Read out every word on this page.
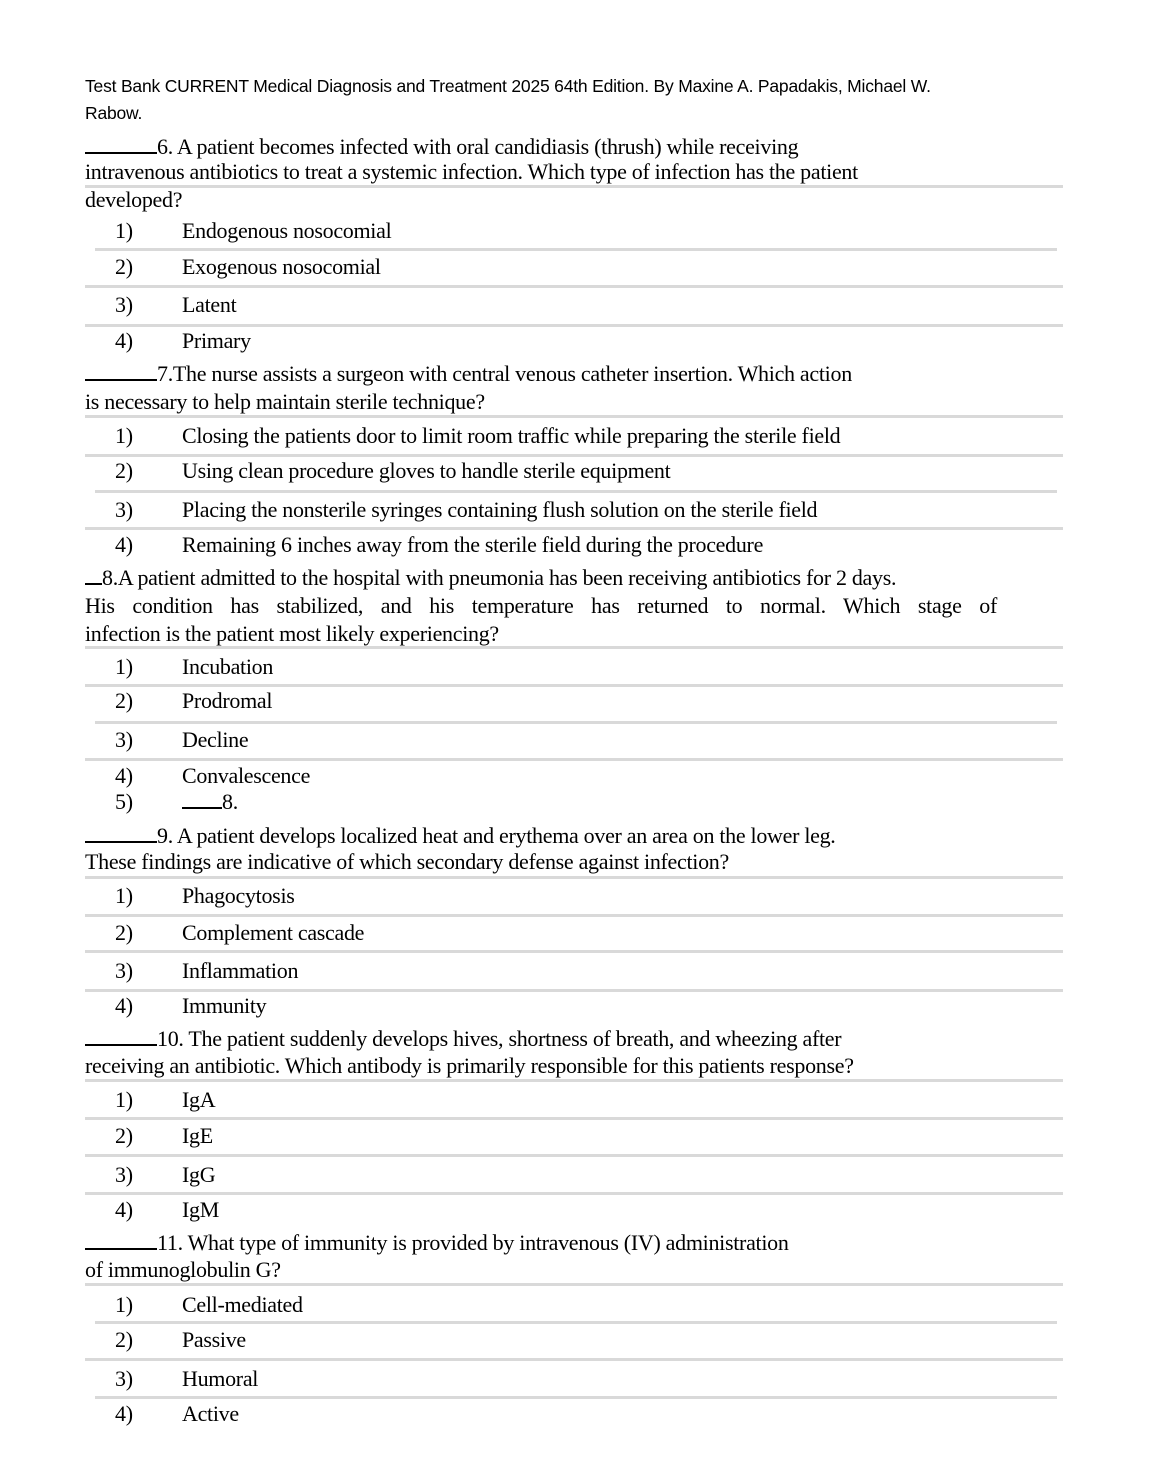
Test Bank CURRENT Medical Diagnosis and Treatment 2025 64th Edition. By Maxine A. Papadakis, Michael W.
Rabow.
6. A patient becomes infected with oral candidiasis (thrush) while receiving
intravenous antibiotics to treat a systemic infection. Which type of infection has the patient
developed?
1) Endogenous nosocomial
2) Exogenous nosocomial
3) Latent
4) Primary
7.The nurse assists a surgeon with central venous catheter insertion. Which action
is necessary to help maintain sterile technique?
1) Closing the patients door to limit room traffic while preparing the sterile field
2) Using clean procedure gloves to handle sterile equipment
3) Placing the nonsterile syringes containing flush solution on the sterile field
4) Remaining 6 inches away from the sterile field during the procedure
8.A patient admitted to the hospital with pneumonia has been receiving antibiotics for 2 days.
His condition has stabilized, and his temperature has returned to normal. Which stage of
infection is the patient most likely experiencing?
1) Incubation
2) Prodromal
3) Decline
4) Convalescence
5)	8.
9. A patient develops localized heat and erythema over an area on the lower leg.
These findings are indicative of which secondary defense against infection?
1) Phagocytosis
2) Complement cascade
3) Inflammation
4) Immunity
10. The patient suddenly develops hives, shortness of breath, and wheezing after
receiving an antibiotic. Which antibody is primarily responsible for this patients response?
1) IgA
2) IgE
3) IgG
4) IgM
11. What type of immunity is provided by intravenous (IV) administration
of immunoglobulin G?
1) Cell-mediated
2) Passive
3) Humoral
4) Active
